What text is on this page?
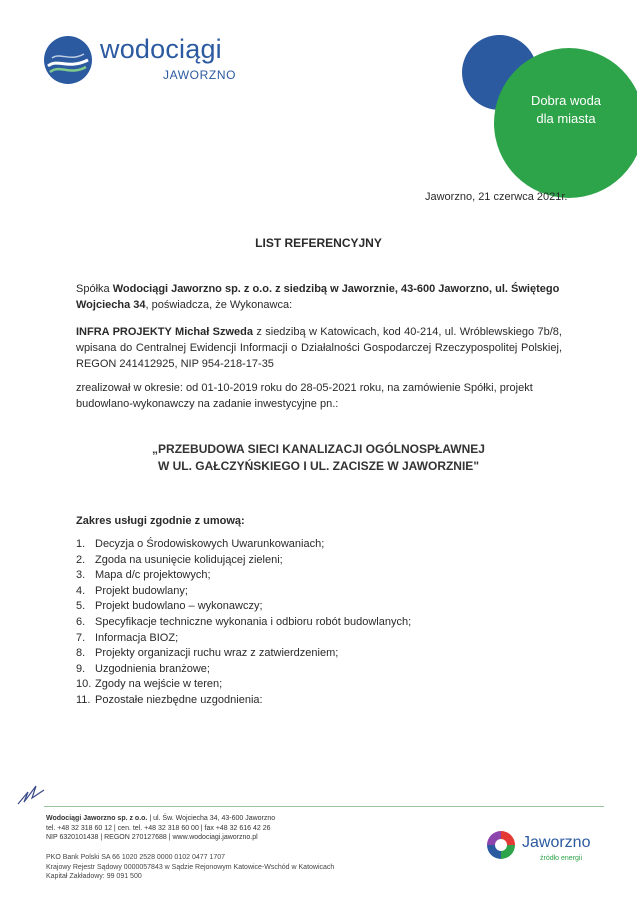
wodociągi
JAWORZNO
Dobra woda
dla miasta
Jaworzno, 21 czerwca 2021r.
LIST REFERENCYJNY
Spółka Wodociągi Jaworzno sp. z o.o. z siedzibą w Jaworznie, 43-600 Jaworzno, ul. Świętego Wojciecha 34, poświadcza, że Wykonawca:
INFRA PROJEKTY Michał Szweda z siedzibą w Katowicach, kod 40-214, ul. Wróblewskiego 7b/8, wpisana do Centralnej Ewidencji Informacji o Działalności Gospodarczej Rzeczypospolitej Polskiej, REGON 241412925, NIP 954-218-17-35
zrealizował w okresie: od 01-10-2019 roku do 28-05-2021 roku, na zamówienie Spółki, projekt budowlano-wykonawczy na zadanie inwestycyjne pn.:
„PRZEBUDOWA SIECI KANALIZACJI OGÓLNOSPŁAWNEJ
W UL. GAŁCZYŃSKIEGO I UL. ZACISZE W JAWORZNIE"
Zakres usługi zgodnie z umową:
1. Decyzja o Środowiskowych Uwarunkowaniach;
2. Zgoda na usunięcie kolidującej zieleni;
3. Mapa d/c projektowych;
4. Projekt budowlany;
5. Projekt budowlano – wykonawczy;
6. Specyfikacje techniczne wykonania i odbioru robót budowlanych;
7. Informacja BIOZ;
8. Projekty organizacji ruchu wraz z zatwierdzeniem;
9. Uzgodnienia branżowe;
10. Zgody na wejście w teren;
11. Pozostałe niezbędne uzgodnienia:
Wodociągi Jaworzno sp. z o.o. | ul. Św. Wojciecha 34, 43-600 Jaworzno
tel. +48 32 318 60 12 | cen. tel. +48 32 318 60 00 | fax +48 32 616 42 26
NIP 6320101438 | REGON 270127688 | www.wodociagi.jaworzno.pl
PKO Bank Polski SA 66 1020 2528 0000 0102 0477 1707
Krajowy Rejestr Sądowy 0000057843 w Sądzie Rejonowym Katowice-Wschód w Katowicach
Kapitał Zakładowy: 99 091 500
Jaworzno
źródło energii
